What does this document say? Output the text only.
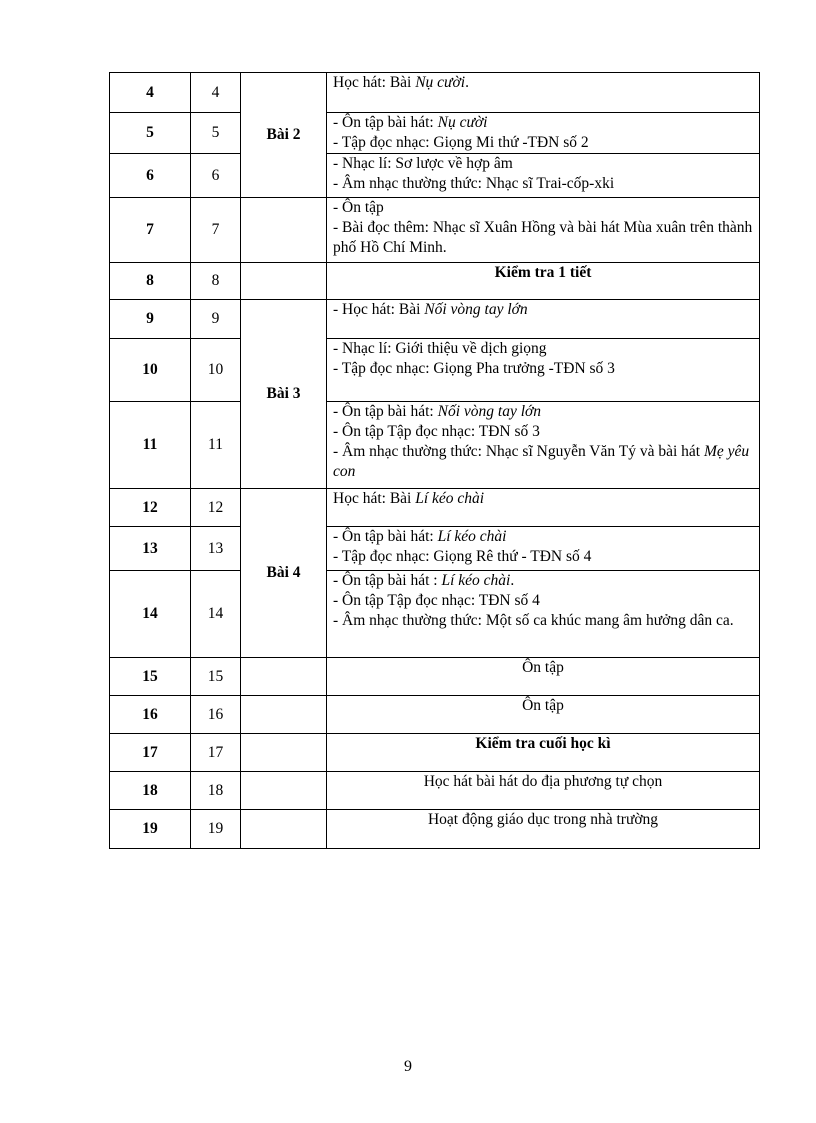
4	4	Bài 2	Học hát: Bài Nụ cười.

5	5		- Ôn tập bài hát: Nụ cười
- Tập đọc nhạc: Giọng Mi thứ -TĐN số 2

6	6		- Nhạc lí: Sơ lược về hợp âm
- Âm nhạc thường thức: Nhạc sĩ Trai-cốp-xki

7	7		- Ôn tập
- Bài đọc thêm: Nhạc sĩ Xuân Hồng và bài hát Mùa xuân trên thành phố Hồ Chí Minh.

8	8		Kiểm tra 1 tiết

9	9	Bài 3	- Học hát: Bài Nối vòng tay lớn

10	10		- Nhạc lí: Giới thiệu về dịch giọng
- Tập đọc nhạc: Giọng Pha trưởng -TĐN số 3

11	11		- Ôn tập bài hát: Nối vòng tay lớn
- Ôn tập Tập đọc nhạc: TĐN số 3
- Âm nhạc thường thức: Nhạc sĩ Nguyễn Văn Tý và bài hát Mẹ yêu con

12	12	Bài 4	Học hát: Bài Lí kéo chài

13	13		- Ôn tập bài hát: Lí kéo chài
- Tập đọc nhạc: Giọng Rê thứ - TĐN số 4

14	14		- Ôn tập bài hát : Lí kéo chài.
- Ôn tập Tập đọc nhạc: TĐN số 4
- Âm nhạc thường thức: Một số ca khúc mang âm hưởng dân ca.

15	15		Ôn tập

16	16		Ôn tập

17	17		Kiểm tra cuối học kì

18	18		Học hát bài hát do địa phương tự chọn

19	19		Hoạt động giáo dục trong nhà trường
9
